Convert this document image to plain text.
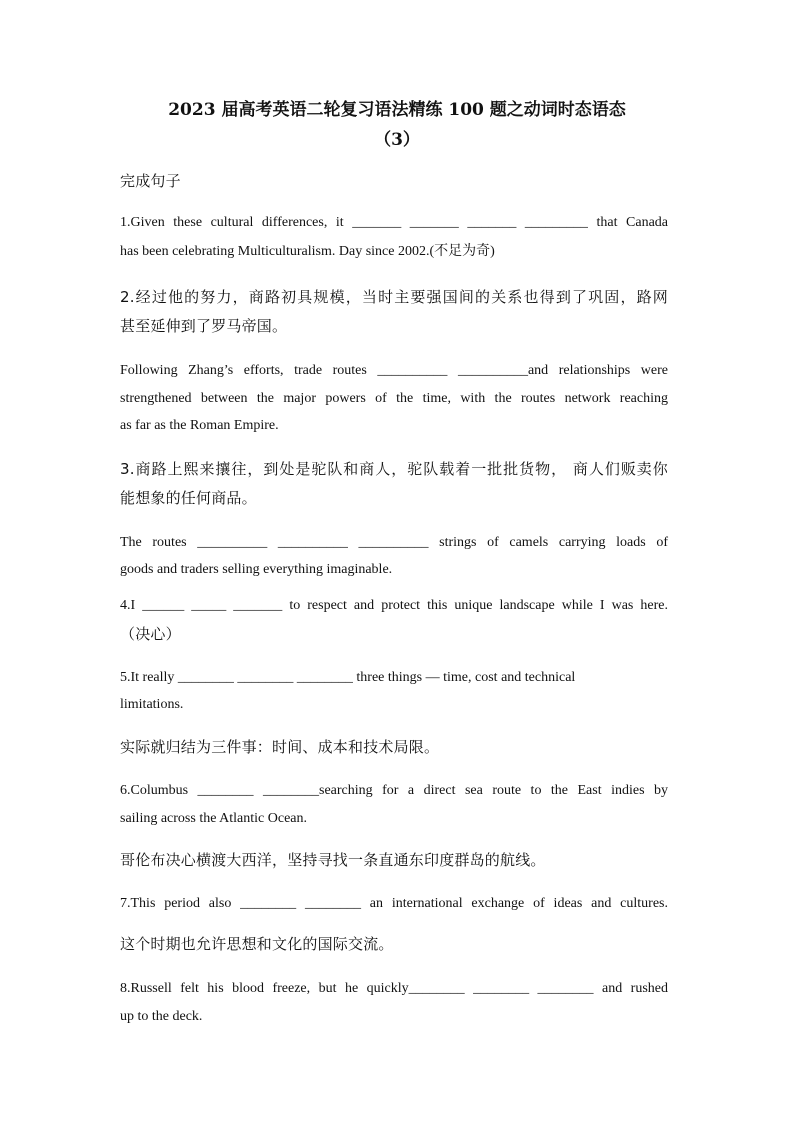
2023 届高考英语二轮复习语法精练 100 题之动词时态语态

（3）

完成句子

1.Given these cultural differences, it _______ _______ _______ _________ that Canada

has been celebrating Multiculturalism. Day since 2002.(不足为奇)

2.经过他的努力，商路初具规模，当时主要强国间的关系也得到了巩固，路网

甚至延伸到了罗马帝国。

Following Zhang’s efforts, trade routes __________ __________and relationships were

strengthened between the major powers of the time, with the routes network reaching

as far as the Roman Empire.

3.商路上熙来攘往，到处是驼队和商人，驼队载着一批批货物， 商人们贩卖你

能想象的任何商品。

The routes __________ __________ __________ strings of camels carrying loads of

goods and traders selling everything imaginable.

4.I ______ _____ _______ to respect and protect this unique landscape while I was here.

（决心）

5.It really ________ ________ ________ three things — time, cost and technical

limitations.

实际就归结为三件事：时间、成本和技术局限。

6.Columbus ________ ________searching for a direct sea route to the East indies by

sailing across the Atlantic Ocean.

哥伦布决心横渡大西洋，坚持寻找一条直通东印度群岛的航线。

7.This period also ________ ________ an international exchange of ideas and cultures.

这个时期也允许思想和文化的国际交流。

8.Russell felt his blood freeze, but he quickly________ ________ ________ and rushed

up to the deck.
